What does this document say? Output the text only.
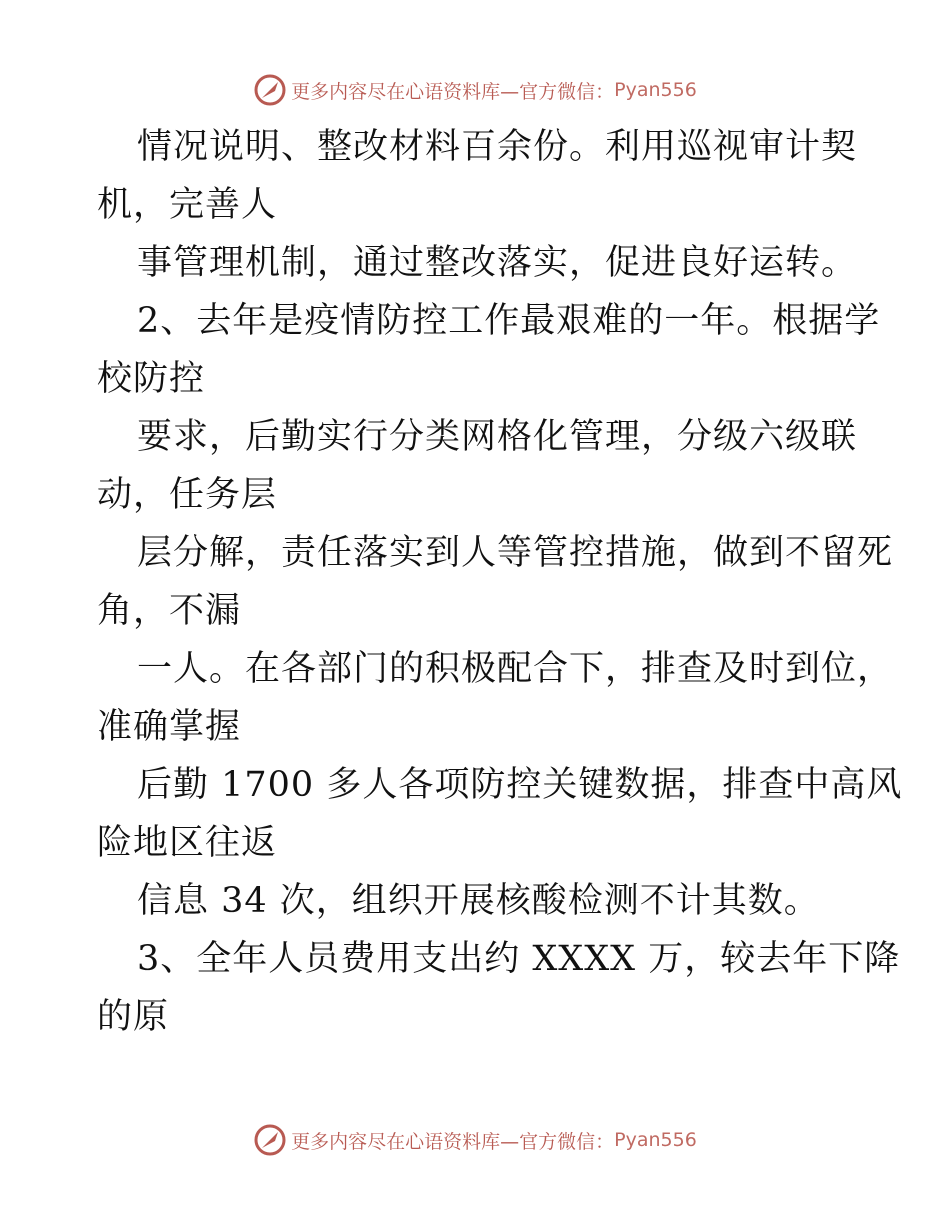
更多内容尽在心语资料库—官方微信： Pyan556
情况说明、整改材料百余份。利用巡视审计契
机，完善人
事管理机制，通过整改落实，促进良好运转。
2、去年是疫情防控工作最艰难的一年。根据学
校防控
要求，后勤实行分类网格化管理，分级六级联
动，任务层
层分解，责任落实到人等管控措施，做到不留死
角，不漏
一人。在各部门的积极配合下，排查及时到位，
准确掌握
后勤 1700 多人各项防控关键数据，排查中高风
险地区往返
信息 34 次，组织开展核酸检测不计其数。
3、全年人员费用支出约 XXXX 万，较去年下降
的原
更多内容尽在心语资料库—官方微信： Pyan556
